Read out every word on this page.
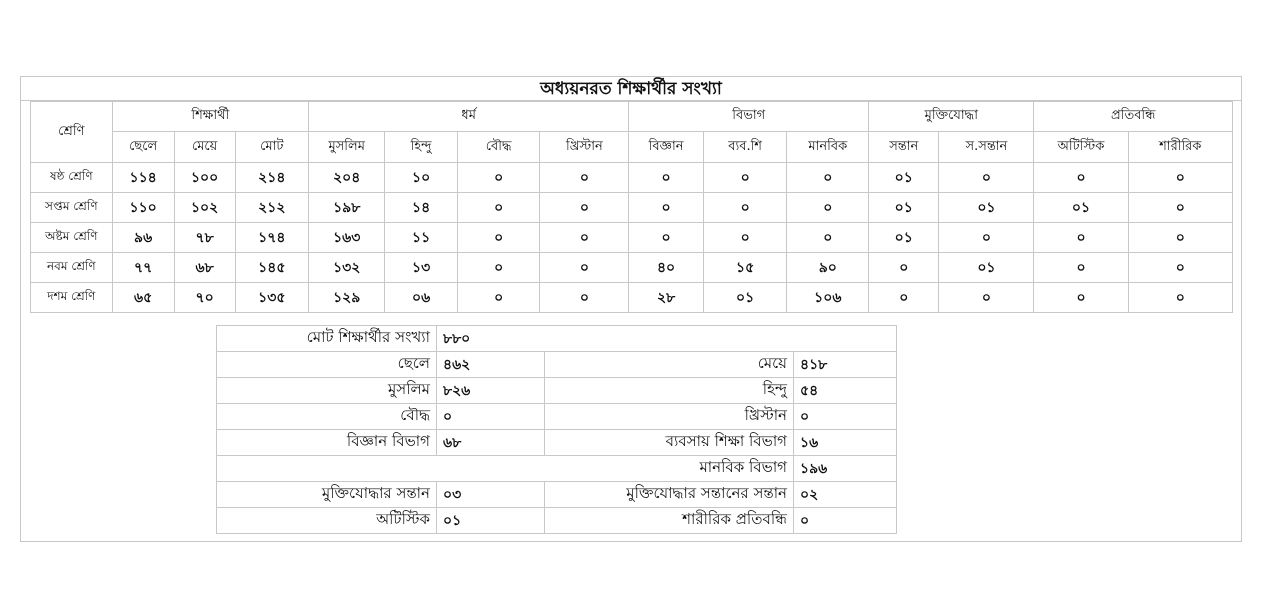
অধ্যয়নরত শিক্ষার্থীর সংখ্যা
শ্রেণি	শিক্ষার্থী			ধর্ম				বিভাগ			মুক্তিযোদ্ধা		প্রতিবন্ধি	
	ছেলে	মেয়ে	মোট	মুসলিম	হিন্দু	বৌদ্ধ	খ্রিস্টান	বিজ্ঞান	ব্যব.শি	মানবিক	সন্তান	স.সন্তান	অটিস্টিক	শারীরিক
ষষ্ঠ শ্রেণি	১১৪	১০০	২১৪	২০৪	১০	০	০	০	০	০	০১	০	০	০
সপ্তম শ্রেণি	১১০	১০২	২১২	১৯৮	১৪	০	০	০	০	০	০১	০১	০১	০
অষ্টম শ্রেণি	৯৬	৭৮	১৭৪	১৬৩	১১	০	০	০	০	০	০১	০	০	০
নবম শ্রেণি	৭৭	৬৮	১৪৫	১৩২	১৩	০	০	৪০	১৫	৯০	০	০১	০	০
দশম শ্রেণি	৬৫	৭০	১৩৫	১২৯	০৬	০	০	২৮	০১	১০৬	০	০	০	০
মোট শিক্ষার্থীর সংখ্যা	৮৮০		
ছেলে	৪৬২	মেয়ে	৪১৮
মুসলিম	৮২৬	হিন্দু	৫৪
বৌদ্ধ	০	খ্রিস্টান	০
বিজ্ঞান বিভাগ	৬৮	ব্যবসায় শিক্ষা বিভাগ	১৬
মানবিক বিভাগ			১৯৬
মুক্তিযোদ্ধার সন্তান	০৩	মুক্তিযোদ্ধার সন্তানের সন্তান	০২
অটিস্টিক	০১	শারীরিক প্রতিবন্ধি	০
